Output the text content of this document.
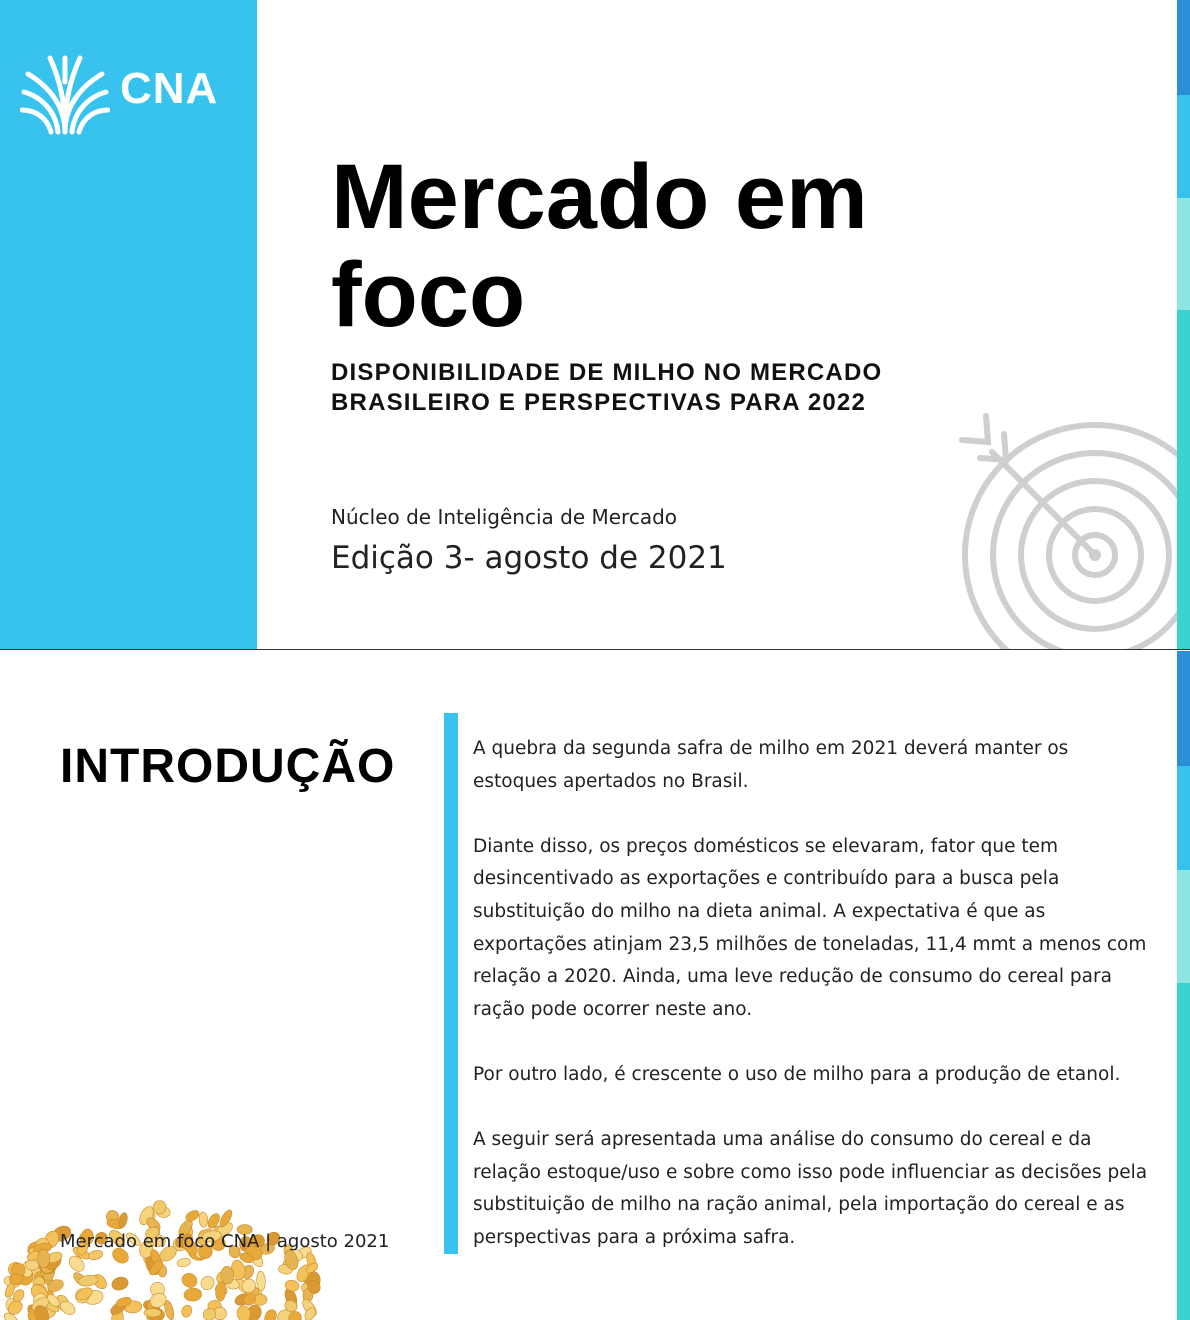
CNA
Mercado em
foco
DISPONIBILIDADE DE MILHO NO MERCADO
BRASILEIRO E PERSPECTIVAS PARA 2022
Núcleo de Inteligência de Mercado
Edição 3- agosto de 2021
INTRODUÇÃO	A quebra da segunda safra de milho em 2021 deverá manter os estoques apertados no Brasil.

Diante disso, os preços domésticos se elevaram, fator que tem desincentivado as exportações e contribuído para a busca pela substituição do milho na dieta animal. A expectativa é que as exportações atinjam 23,5 milhões de toneladas, 11,4 mmt a menos com relação a 2020. Ainda, uma leve redução de consumo do cereal para ração pode ocorrer neste ano.

Por outro lado, é crescente o uso de milho para a produção de etanol.

A seguir será apresentada uma análise do consumo do cereal e da relação estoque/uso e sobre como isso pode influenciar as decisões pela substituição de milho na ração animal, pela importação do cereal e as perspectivas para a próxima safra.

Mercado em foco CNA | agosto 2021
